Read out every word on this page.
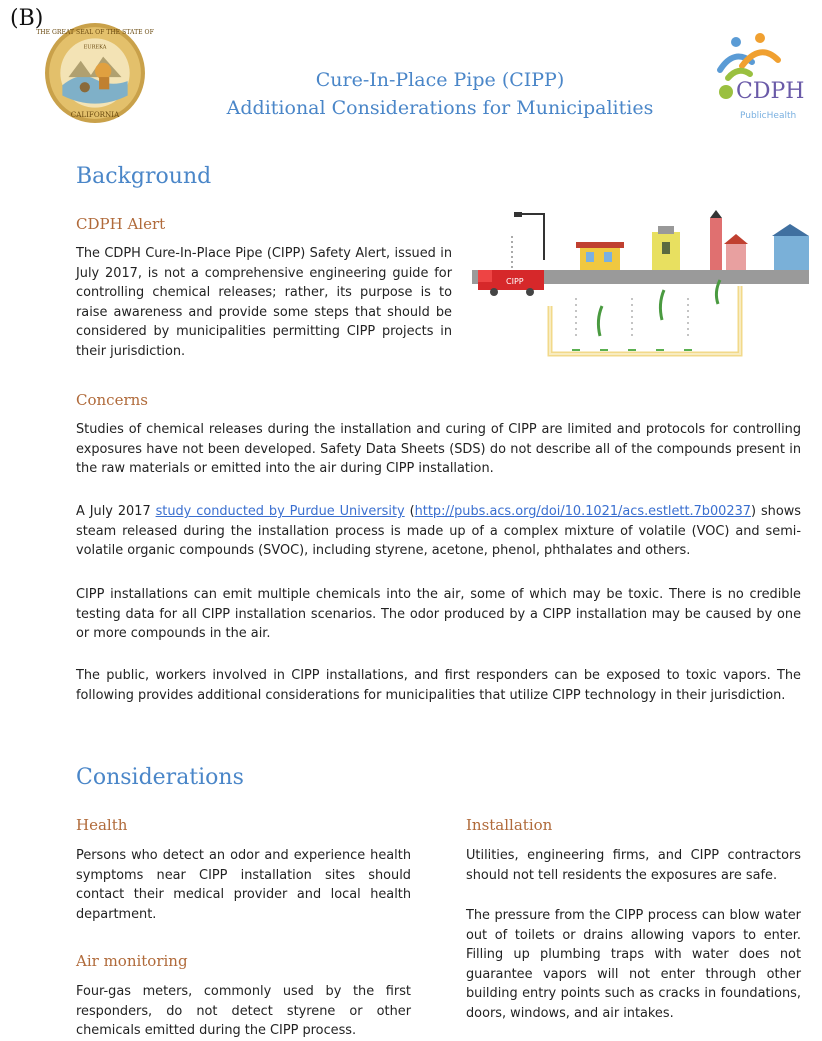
(B)
THE GREAT SEAL OF THE STATE OF
EUREKA
CALIFORNIA
Cure-In-Place Pipe (CIPP)
Additional Considerations for Municipalities
CDPH
PublicHealth
Background
CDPH Alert
The CDPH Cure-In-Place Pipe (CIPP) Safety Alert, issued in July 2017, is not a comprehensive engineering guide for controlling chemical releases; rather, its purpose is to raise awareness and provide some steps that should be considered by municipalities permitting CIPP projects in their jurisdiction.
CIPP
Concerns
Studies of chemical releases during the installation and curing of CIPP are limited and protocols for controlling exposures have not been developed. Safety Data Sheets (SDS) do not describe all of the compounds present in the raw materials or emitted into the air during CIPP installation.
A July 2017 study conducted by Purdue University (http://pubs.acs.org/doi/10.1021/acs.estlett.7b00237) shows steam released during the installation process is made up of a complex mixture of volatile (VOC) and semi-volatile organic compounds (SVOC), including styrene, acetone, phenol, phthalates and others.
CIPP installations can emit multiple chemicals into the air, some of which may be toxic. There is no credible testing data for all CIPP installation scenarios. The odor produced by a CIPP installation may be caused by one or more compounds in the air.
The public, workers involved in CIPP installations, and first responders can be exposed to toxic vapors. The following provides additional considerations for municipalities that utilize CIPP technology in their jurisdiction.
Considerations
Health
Persons who detect an odor and experience health symptoms near CIPP installation sites should contact their medical provider and local health department.
Air monitoring
Four-gas meters, commonly used by the first responders, do not detect styrene or other chemicals emitted during the CIPP process.
Installation
Utilities, engineering firms, and CIPP contractors should not tell residents the exposures are safe.
The pressure from the CIPP process can blow water out of toilets or drains allowing vapors to enter. Filling up plumbing traps with water does not guarantee vapors will not enter through other building entry points such as cracks in foundations, doors, windows, and air intakes.
